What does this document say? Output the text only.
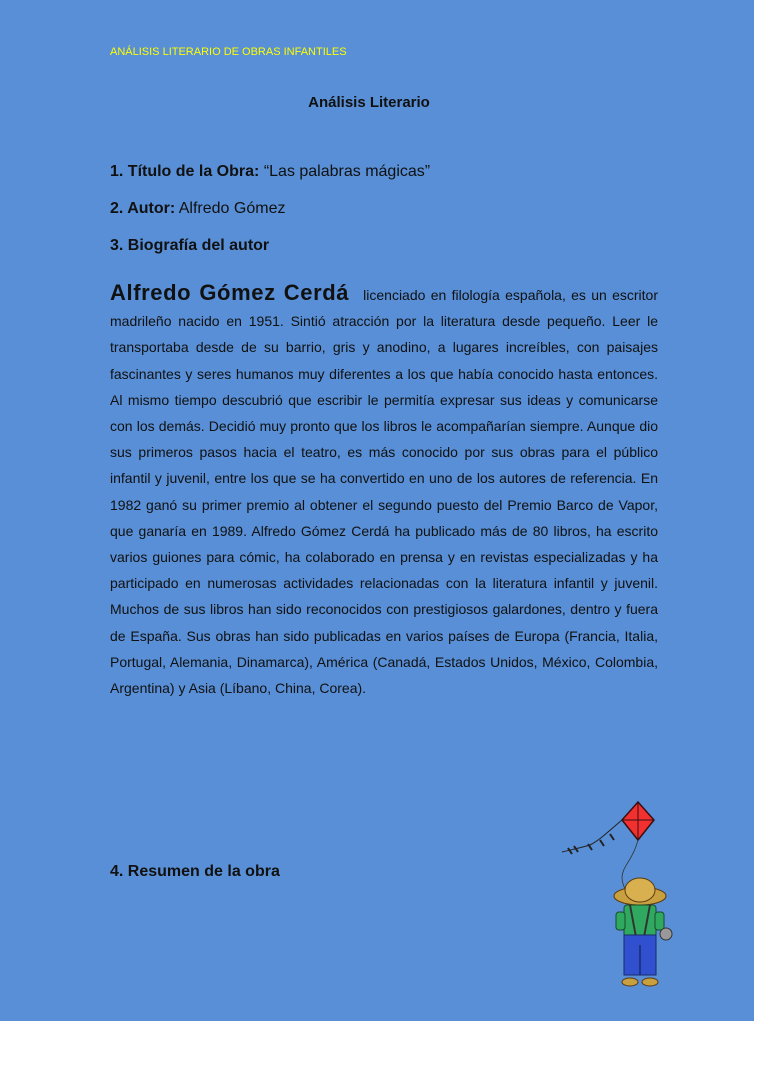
ANÁLISIS LITERARIO DE OBRAS INFANTILES
Análisis Literario
1. Título de la Obra: “Las palabras mágicas”
2. Autor: Alfredo Gómez
3. Biografía del autor
Alfredo Gómez Cerdá licenciado en filología española, es un escritor madrileño nacido en 1951. Sintió atracción por la literatura desde pequeño. Leer le transportaba desde de su barrio, gris y anodino, a lugares increíbles, con paisajes fascinantes y seres humanos muy diferentes a los que había conocido hasta entonces. Al mismo tiempo descubrió que escribir le permitía expresar sus ideas y comunicarse con los demás. Decidió muy pronto que los libros le acompañarían siempre. Aunque dio sus primeros pasos hacia el teatro, es más conocido por sus obras para el público infantil y juvenil, entre los que se ha convertido en uno de los autores de referencia. En 1982 ganó su primer premio al obtener el segundo puesto del Premio Barco de Vapor, que ganaría en 1989. Alfredo Gómez Cerdá ha publicado más de 80 libros, ha escrito varios guiones para cómic, ha colaborado en prensa y en revistas especializadas y ha participado en numerosas actividades relacionadas con la literatura infantil y juvenil. Muchos de sus libros han sido reconocidos con prestigiosos galardones, dentro y fuera de España. Sus obras han sido publicadas en varios países de Europa (Francia, Italia, Portugal, Alemania, Dinamarca), América (Canadá, Estados Unidos, México, Colombia, Argentina) y Asia (Líbano, China, Corea).
4. Resumen de la obra
